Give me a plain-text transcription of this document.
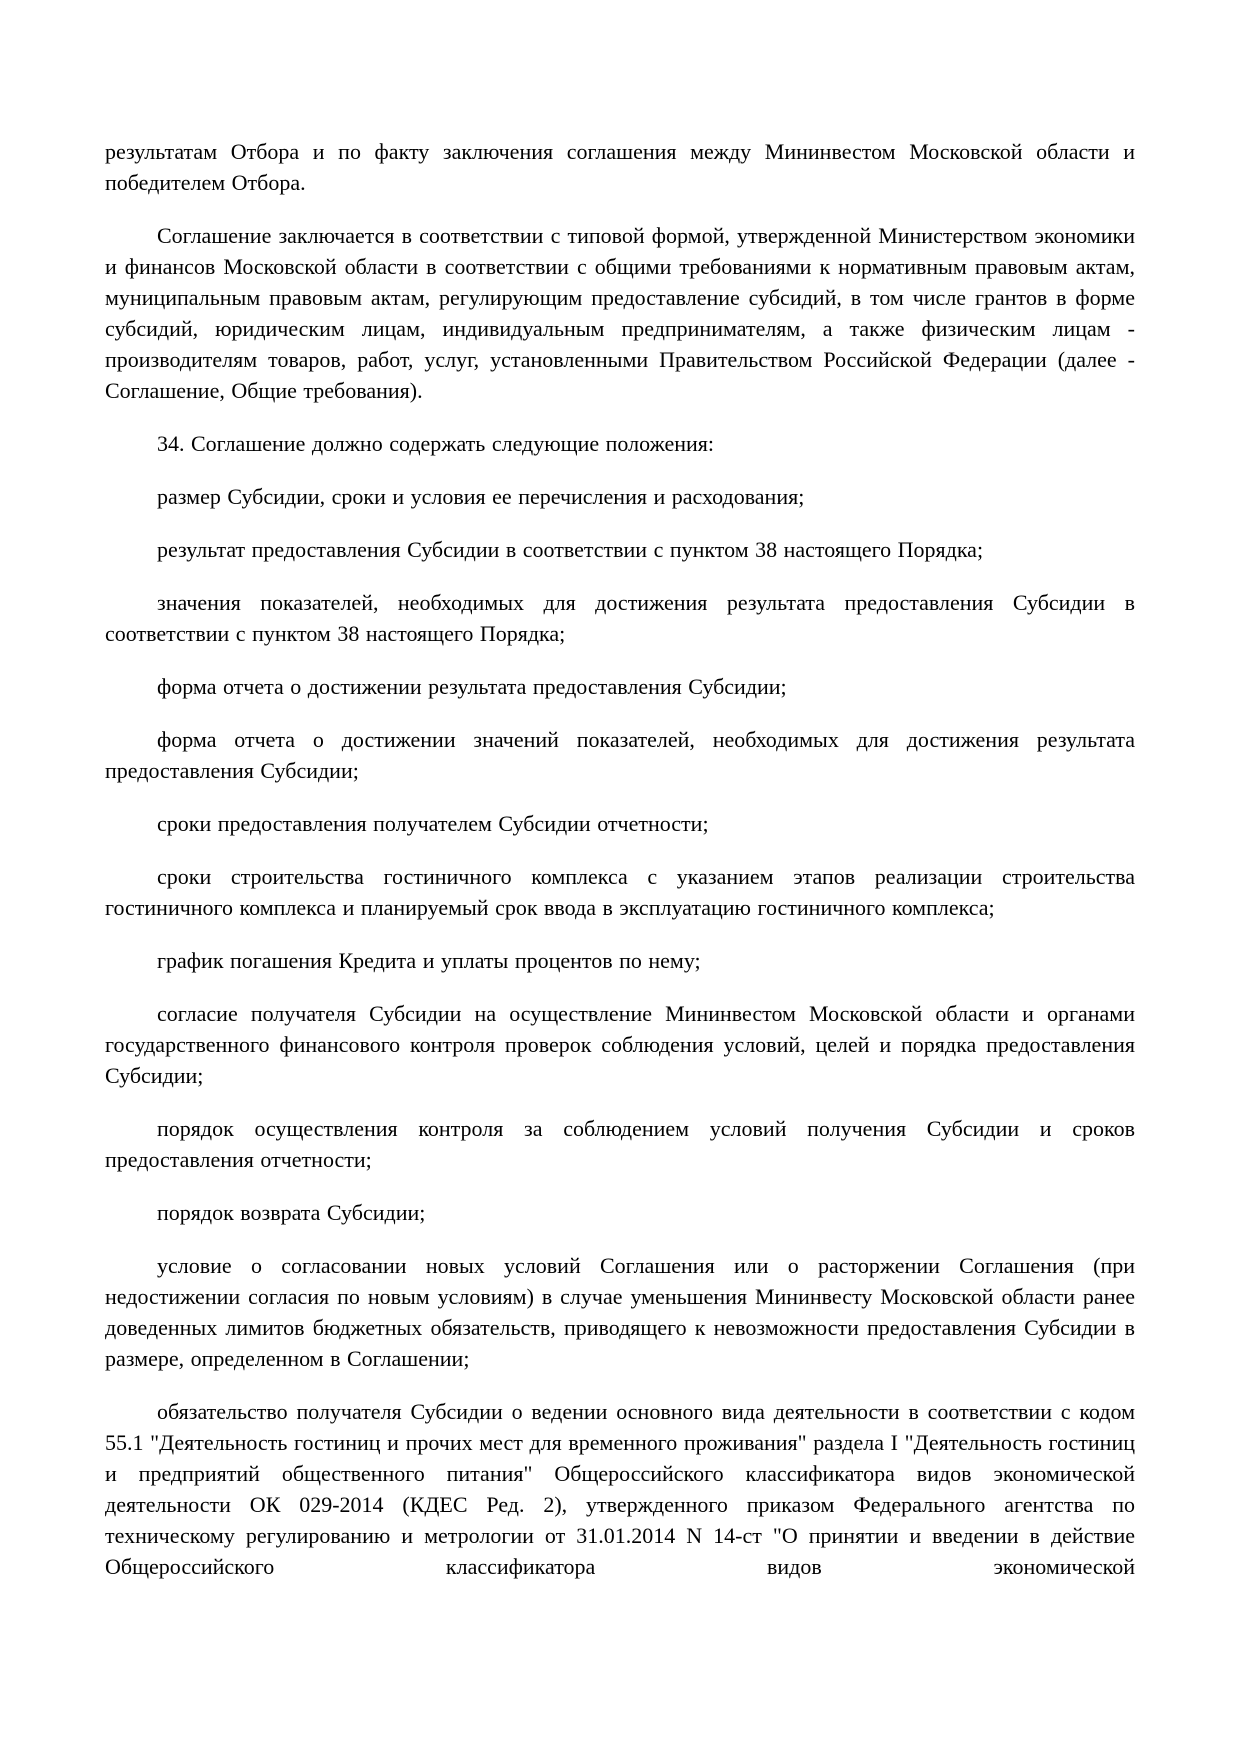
результатам Отбора и по факту заключения соглашения между Мининвестом Московской области и победителем Отбора.

Соглашение заключается в соответствии с типовой формой, утвержденной Министерством экономики и финансов Московской области в соответствии с общими требованиями к нормативным правовым актам, муниципальным правовым актам, регулирующим предоставление субсидий, в том числе грантов в форме субсидий, юридическим лицам, индивидуальным предпринимателям, а также физическим лицам - производителям товаров, работ, услуг, установленными Правительством Российской Федерации (далее - Соглашение, Общие требования).

34. Соглашение должно содержать следующие положения:

размер Субсидии, сроки и условия ее перечисления и расходования;

результат предоставления Субсидии в соответствии с пунктом 38 настоящего Порядка;

значения показателей, необходимых для достижения результата предоставления Субсидии в соответствии с пунктом 38 настоящего Порядка;

форма отчета о достижении результата предоставления Субсидии;

форма отчета о достижении значений показателей, необходимых для достижения результата предоставления Субсидии;

сроки предоставления получателем Субсидии отчетности;

сроки строительства гостиничного комплекса с указанием этапов реализации строительства гостиничного комплекса и планируемый срок ввода в эксплуатацию гостиничного комплекса;

график погашения Кредита и уплаты процентов по нему;

согласие получателя Субсидии на осуществление Мининвестом Московской области и органами государственного финансового контроля проверок соблюдения условий, целей и порядка предоставления Субсидии;

порядок осуществления контроля за соблюдением условий получения Субсидии и сроков предоставления отчетности;

порядок возврата Субсидии;

условие о согласовании новых условий Соглашения или о расторжении Соглашения (при недостижении согласия по новым условиям) в случае уменьшения Мининвесту Московской области ранее доведенных лимитов бюджетных обязательств, приводящего к невозможности предоставления Субсидии в размере, определенном в Соглашении;

обязательство получателя Субсидии о ведении основного вида деятельности в соответствии с кодом 55.1 "Деятельность гостиниц и прочих мест для временного проживания" раздела I "Деятельность гостиниц и предприятий общественного питания" Общероссийского классификатора видов экономической деятельности ОК 029-2014 (КДЕС Ред. 2), утвержденного приказом Федерального агентства по техническому регулированию и метрологии от 31.01.2014 N 14-ст "О принятии и введении в действие Общероссийского классификатора видов экономической
